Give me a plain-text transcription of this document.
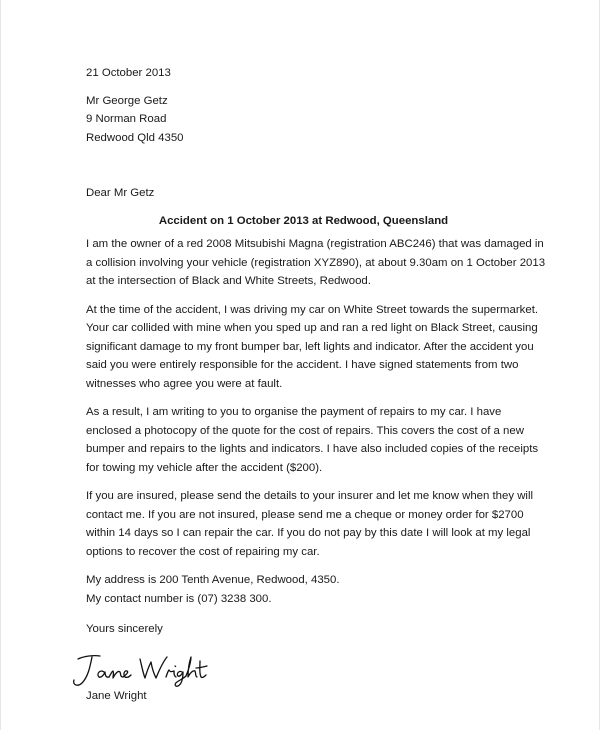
21 October 2013
Mr George Getz
9 Norman Road
Redwood Qld 4350
Dear Mr Getz
Accident on 1 October 2013 at Redwood, Queensland
I am the owner of a red 2008 Mitsubishi Magna (registration ABC246) that was damaged in
a collision involving your vehicle (registration XYZ890), at about 9.30am on 1 October 2013
at the intersection of Black and White Streets, Redwood.
At the time of the accident, I was driving my car on White Street towards the supermarket.
Your car collided with mine when you sped up and ran a red light on Black Street, causing
significant damage to my front bumper bar, left lights and indicator. After the accident you
said you were entirely responsible for the accident. I have signed statements from two
witnesses who agree you were at fault.
As a result, I am writing to you to organise the payment of repairs to my car. I have
enclosed a photocopy of the quote for the cost of repairs. This covers the cost of a new
bumper and repairs to the lights and indicators. I have also included copies of the receipts
for towing my vehicle after the accident ($200).
If you are insured, please send the details to your insurer and let me know when they will
contact me. If you are not insured, please send me a cheque or money order for $2700
within 14 days so I can repair the car. If you do not pay by this date I will look at my legal
options to recover the cost of repairing my car.
My address is 200 Tenth Avenue, Redwood, 4350.
My contact number is (07) 3238 300.
Yours sincerely
Jane Wright
